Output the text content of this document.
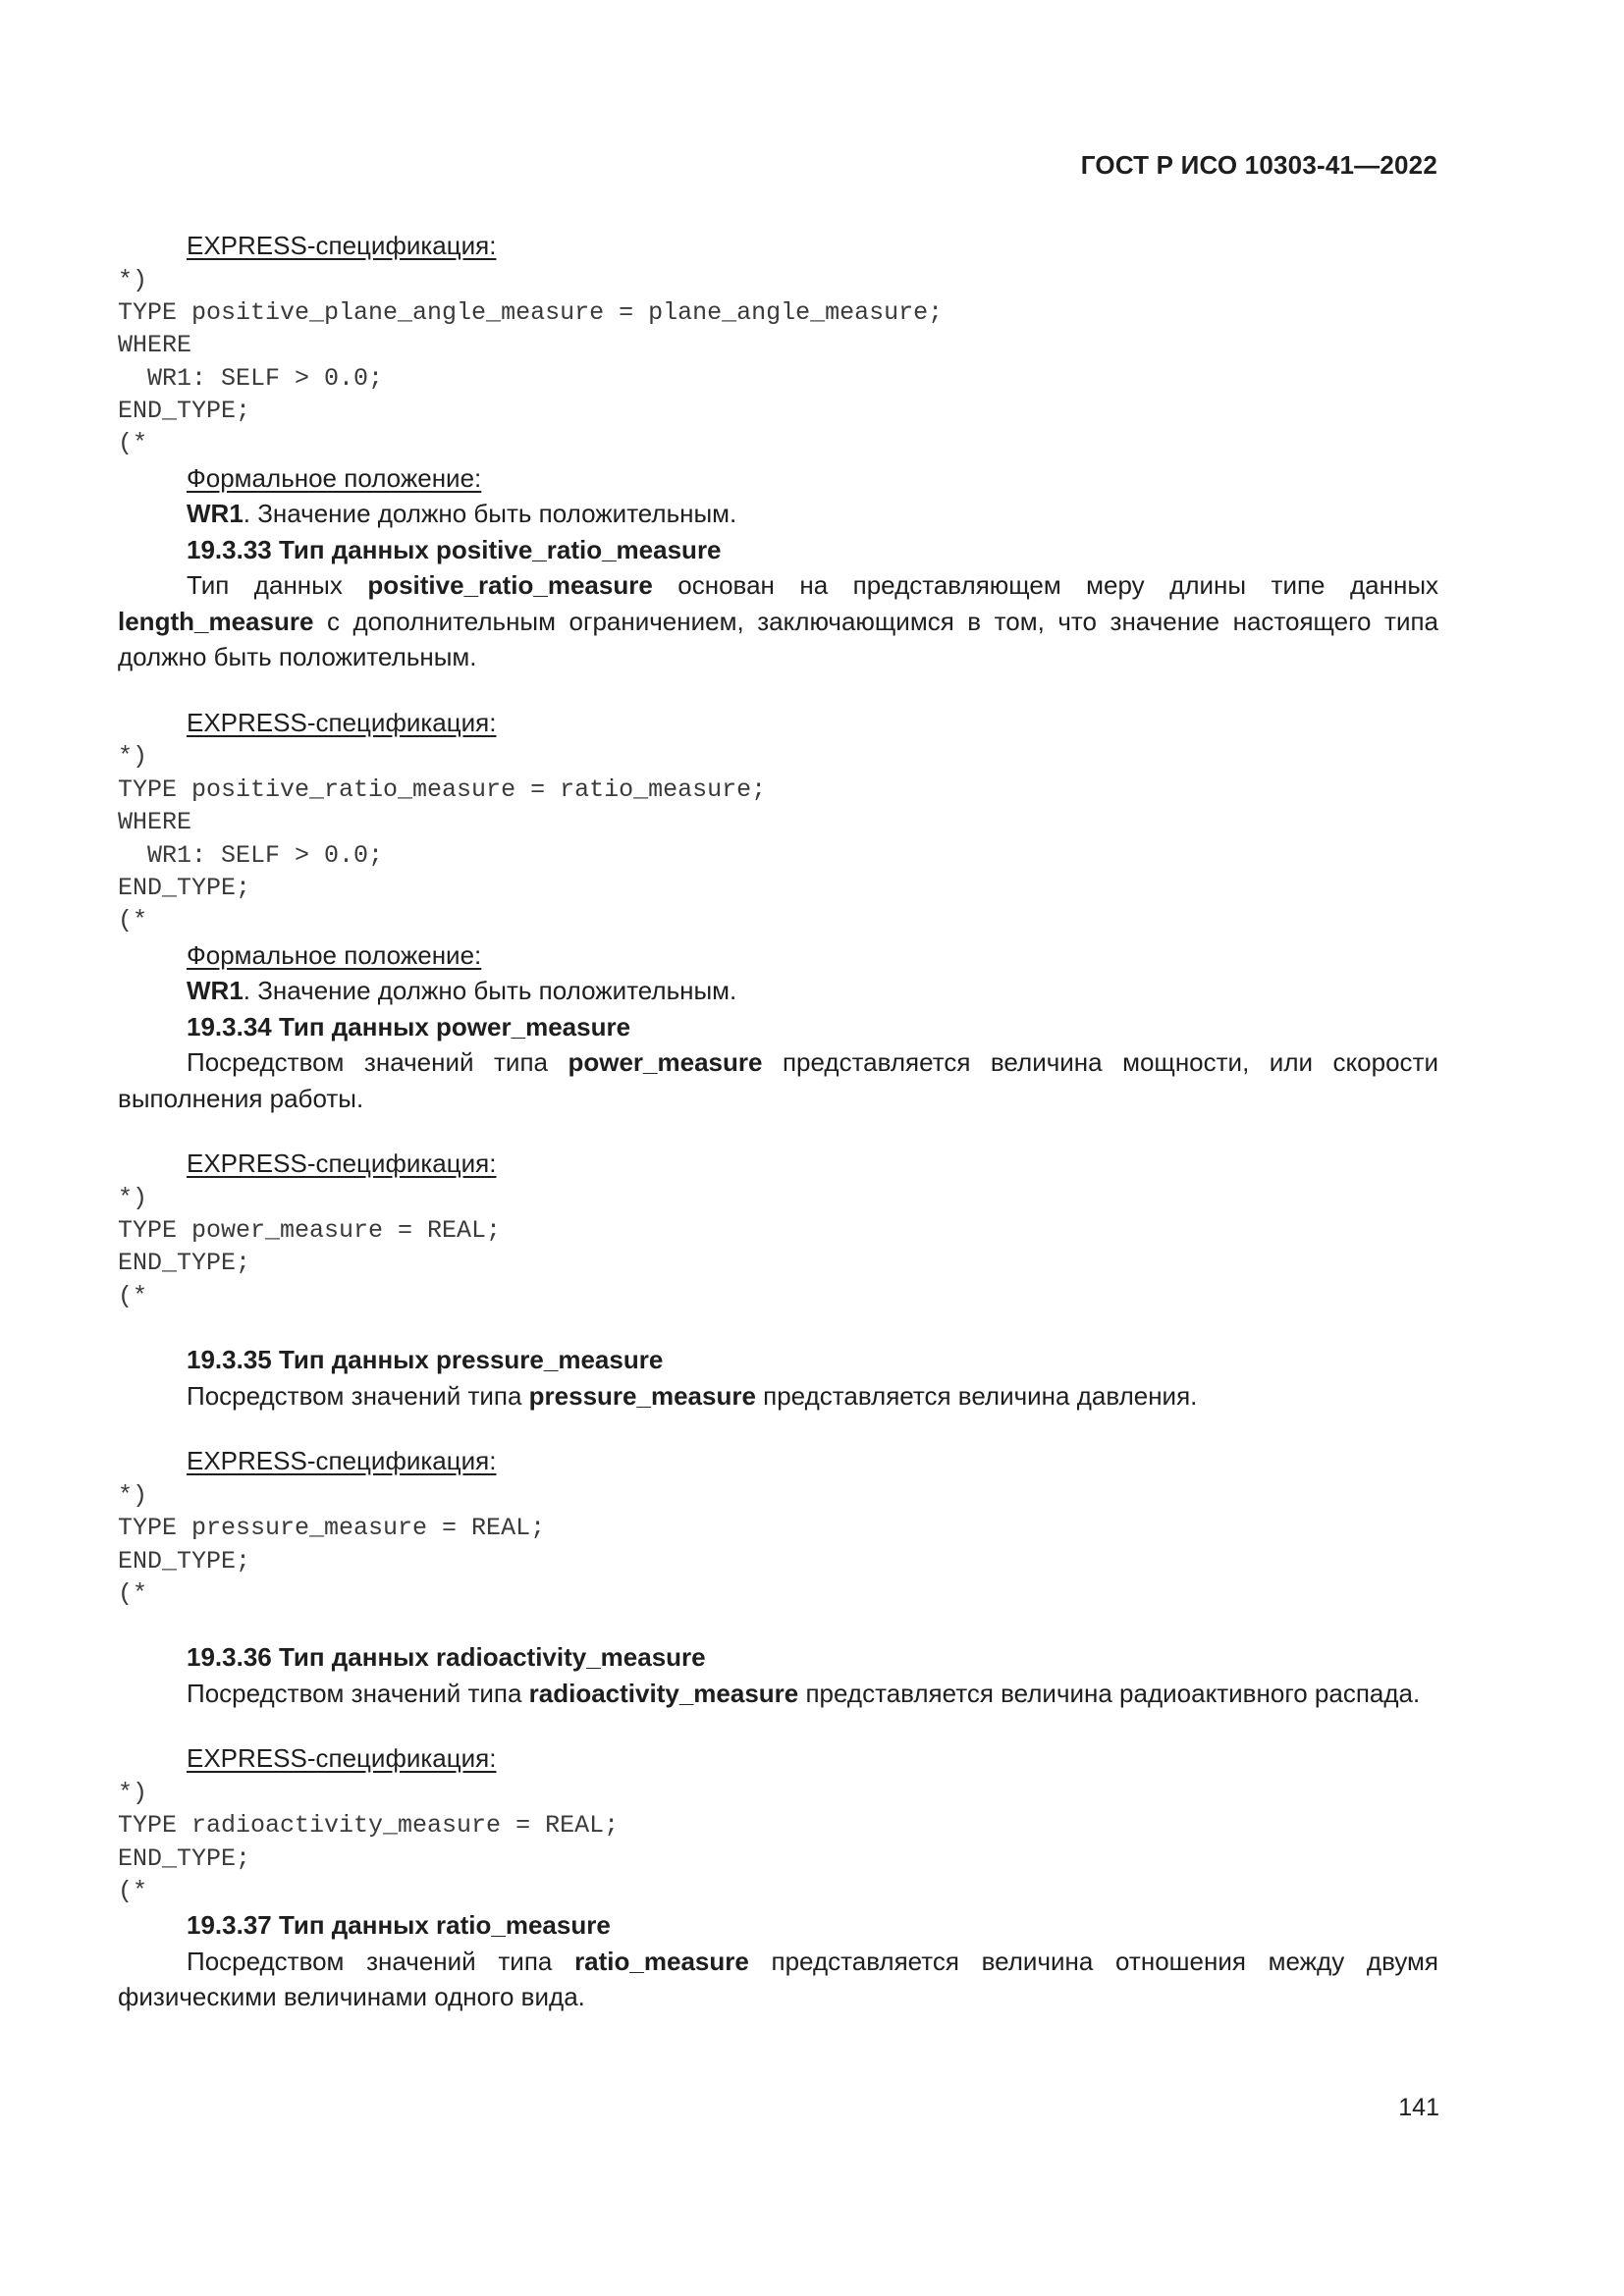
ГОСТ Р ИСО 10303-41—2022

EXPRESS-спецификация:

*)
TYPE positive_plane_angle_measure = plane_angle_measure;
WHERE
WR1: SELF > 0.0;
END_TYPE;
(*

Формальное положение:

WR1. Значение должно быть положительным.

19.3.33 Тип данных positive_ratio_measure

Тип данных positive_ratio_measure основан на представляющем меру длины типе данных length_measure с дополнительным ограничением, заключающимся в том, что значение настоящего типа должно быть положительным.

EXPRESS-спецификация:

*)
TYPE positive_ratio_measure = ratio_measure;
WHERE
WR1: SELF > 0.0;
END_TYPE;
(*

Формальное положение:

WR1. Значение должно быть положительным.

19.3.34 Тип данных power_measure

Посредством значений типа power_measure представляется величина мощности, или скорости выполнения работы.

EXPRESS-спецификация:

*)
TYPE power_measure = REAL;
END_TYPE;
(*

19.3.35 Тип данных pressure_measure

Посредством значений типа pressure_measure представляется величина давления.

EXPRESS-спецификация:

*)
TYPE pressure_measure = REAL;
END_TYPE;
(*

19.3.36 Тип данных radioactivity_measure

Посредством значений типа radioactivity_measure представляется величина радиоактивного распада.

EXPRESS-спецификация:

*)
TYPE radioactivity_measure = REAL;
END_TYPE;
(*

19.3.37 Тип данных ratio_measure

Посредством значений типа ratio_measure представляется величина отношения между двумя физическими величинами одного вида.

141
